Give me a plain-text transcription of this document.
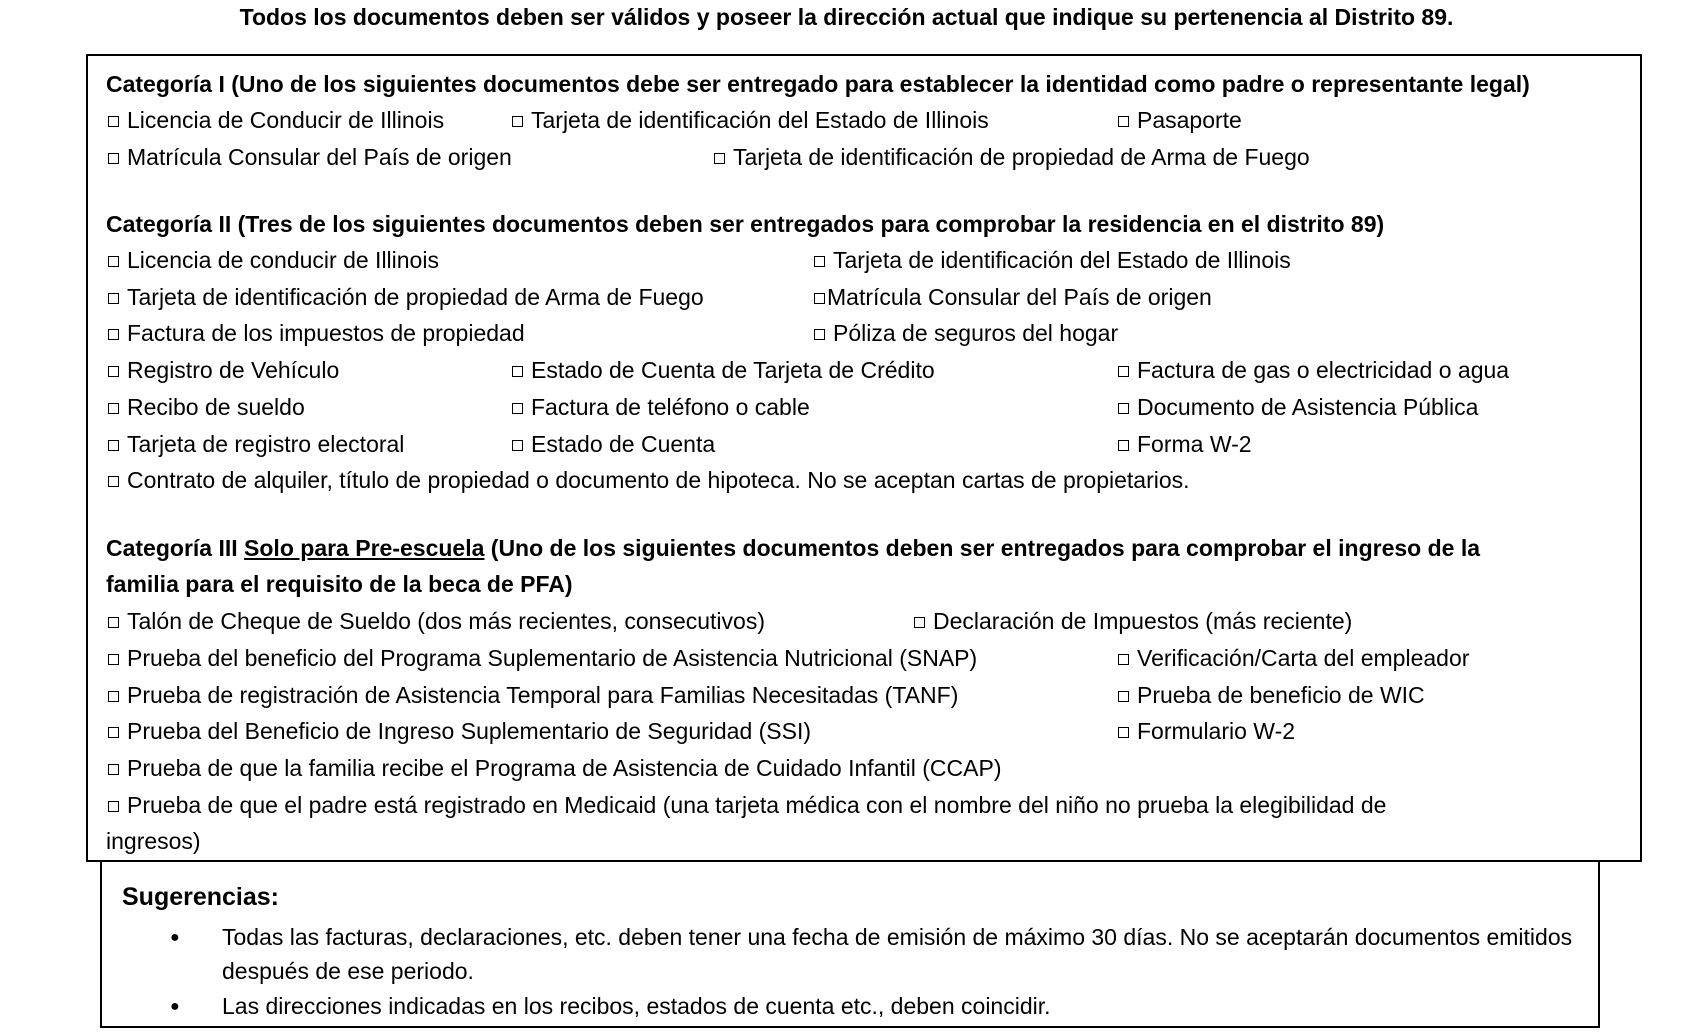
Todos los documentos deben ser válidos y poseer la dirección actual que indique su pertenencia al Distrito 89.
Categoría I (Uno de los siguientes documentos debe ser entregado para establecer la identidad como padre o representante legal)
Licencia de Conducir de Illinois	Tarjeta de identificación del Estado de Illinois	Pasaporte
Matrícula Consular del País de origen	Tarjeta de identificación de propiedad de Arma de Fuego
Categoría II (Tres de los siguientes documentos deben ser entregados para comprobar la residencia en el distrito 89)
Licencia de conducir de Illinois	Tarjeta de identificación del Estado de Illinois
Tarjeta de identificación de propiedad de Arma de Fuego	Matrícula Consular del País de origen
Factura de los impuestos de propiedad	Póliza de seguros del hogar
Registro de Vehículo	Estado de Cuenta de Tarjeta de Crédito	Factura de gas o electricidad o agua
Recibo de sueldo	Factura de teléfono o cable	Documento de Asistencia Pública
Tarjeta de registro electoral	Estado de Cuenta	Forma W-2
Contrato de alquiler, título de propiedad o documento de hipoteca. No se aceptan cartas de propietarios.
Categoría III Solo para Pre-escuela (Uno de los siguientes documentos deben ser entregados para comprobar el ingreso de la
familia para el requisito de la beca de PFA)
Talón de Cheque de Sueldo (dos más recientes, consecutivos)	Declaración de Impuestos (más reciente)
Prueba del beneficio del Programa Suplementario de Asistencia Nutricional (SNAP)	Verificación/Carta del empleador
Prueba de registración de Asistencia Temporal para Familias Necesitadas (TANF)	Prueba de beneficio de WIC
Prueba del Beneficio de Ingreso Suplementario de Seguridad (SSI)	Formulario W-2
Prueba de que la familia recibe el Programa de Asistencia de Cuidado Infantil (CCAP)
Prueba de que el padre está registrado en Medicaid (una tarjeta médica con el nombre del niño no prueba la elegibilidad de
ingresos)
Sugerencias:
● Todas las facturas, declaraciones, etc. deben tener una fecha de emisión de máximo 30 días. No se aceptarán documentos emitidos después de ese periodo.
● Las direcciones indicadas en los recibos, estados de cuenta etc., deben coincidir.
